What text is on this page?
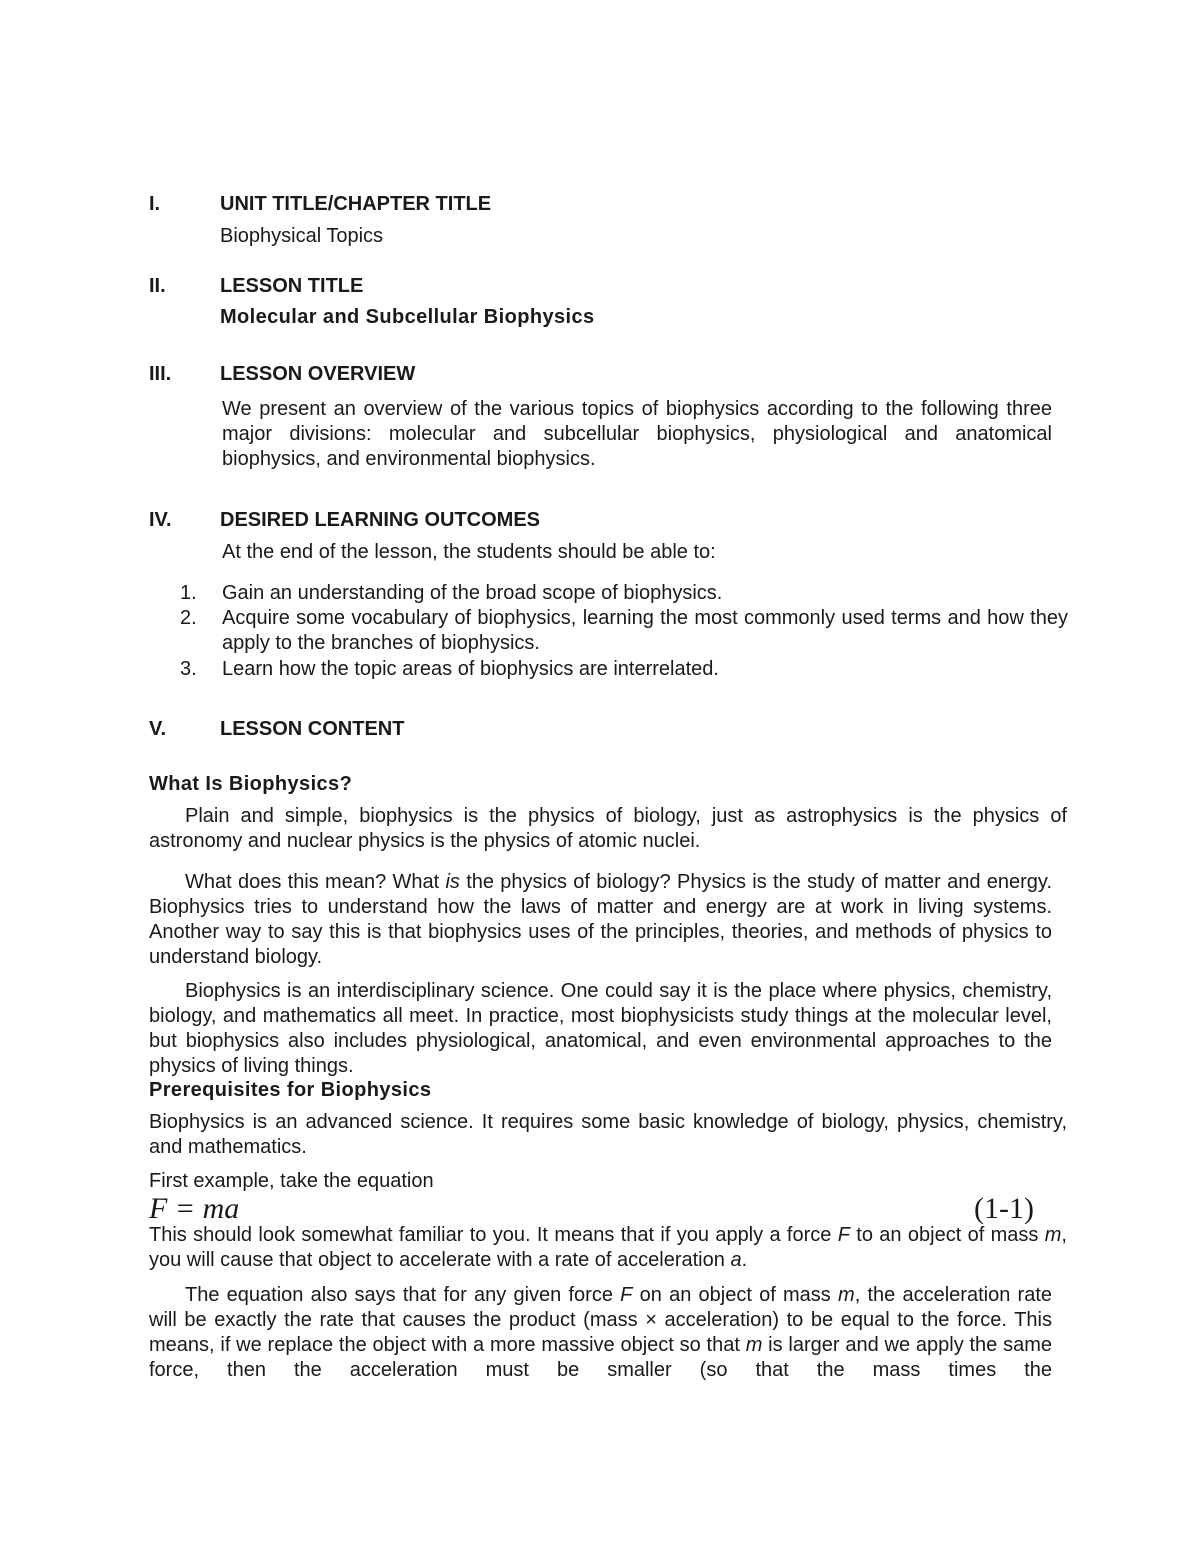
I.	UNIT TITLE/CHAPTER TITLE
Biophysical Topics
II.	LESSON TITLE
Molecular and Subcellular Biophysics
III. LESSON OVERVIEW
We present an overview of the various topics of biophysics according to the following three major divisions: molecular and subcellular biophysics, physiological and anatomical biophysics, and environmental biophysics.
IV. DESIRED LEARNING OUTCOMES
At the end of the lesson, the students should be able to:
1.	Gain an understanding of the broad scope of biophysics.
2.	Acquire some vocabulary of biophysics, learning the most commonly used terms and how they apply to the branches of biophysics.
3.	Learn how the topic areas of biophysics are interrelated.
V.	LESSON CONTENT
What Is Biophysics?
Plain and simple, biophysics is the physics of biology, just as astrophysics is the physics of astronomy and nuclear physics is the physics of atomic nuclei.
What does this mean? What is the physics of biology? Physics is the study of matter and energy. Biophysics tries to understand how the laws of matter and energy are at work in living systems. Another way to say this is that biophysics uses of the principles, theories, and methods of physics to understand biology.
Biophysics is an interdisciplinary science. One could say it is the place where physics, chemistry, biology, and mathematics all meet. In practice, most biophysicists study things at the molecular level, but biophysics also includes physiological, anatomical, and even environmental approaches to the physics of living things.
Prerequisites for Biophysics
Biophysics is an advanced science. It requires some basic knowledge of biology, physics, chemistry, and mathematics.
First example, take the equation
F = ma	(1-1)
This should look somewhat familiar to you. It means that if you apply a force F to an object of mass m, you will cause that object to accelerate with a rate of acceleration a.
The equation also says that for any given force F on an object of mass m, the acceleration rate will be exactly the rate that causes the product (mass × acceleration) to be equal to the force. This means, if we replace the object with a more massive object so that m is larger and we apply the same force, then the acceleration must be smaller (so that the mass times the
